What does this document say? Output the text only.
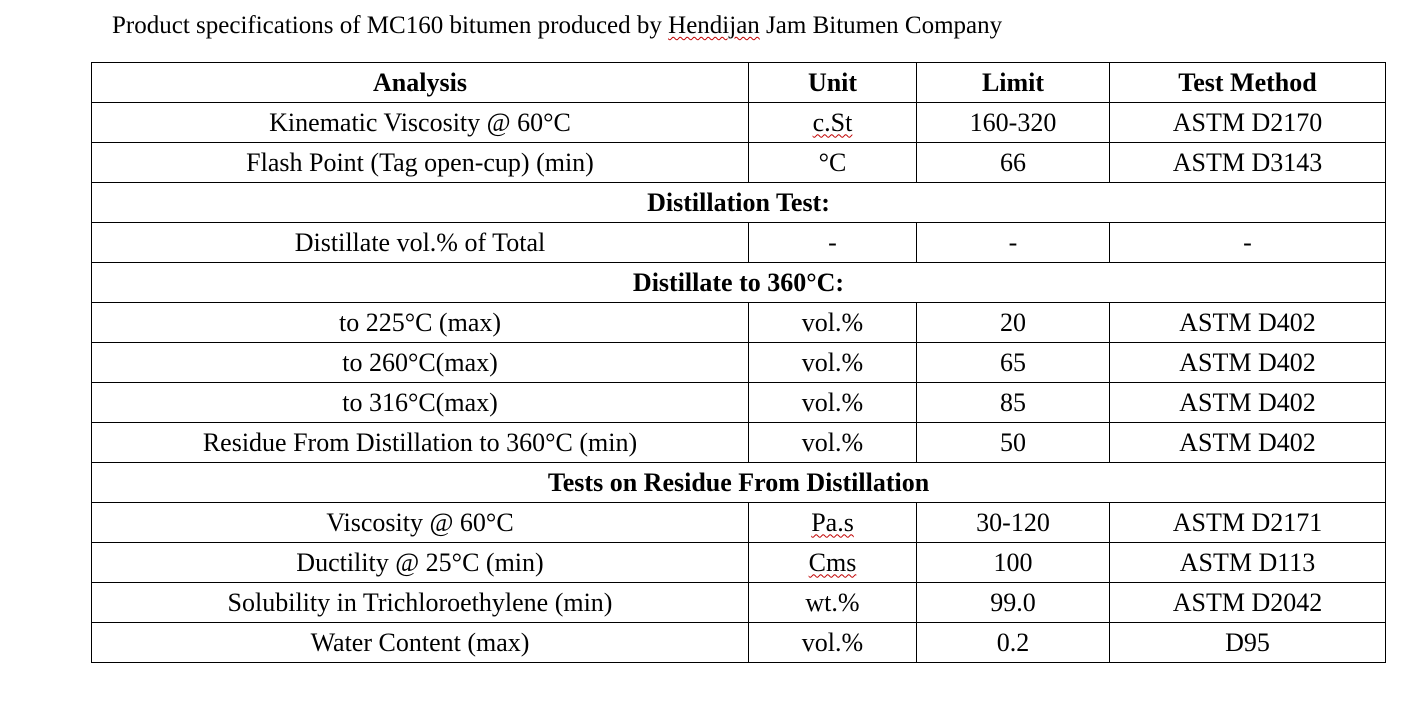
Product specifications of MC160 bitumen produced by Hendijan Jam Bitumen Company
Analysis	Unit	Limit	Test Method
Kinematic Viscosity @ 60°C	c.St	160-320	ASTM D2170
Flash Point (Tag open-cup) (min)	°C	66	ASTM D3143
Distillation Test:			
Distillate vol.% of Total	-	-	-
Distillate to 360°C:			
to 225°C (max)	vol.%	20	ASTM D402
to 260°C(max)	vol.%	65	ASTM D402
to 316°C(max)	vol.%	85	ASTM D402
Residue From Distillation to 360°C (min)	vol.%	50	ASTM D402
Tests on Residue From Distillation			
Viscosity @ 60°C	Pa.s	30-120	ASTM D2171
Ductility @ 25°C (min)	Cms	100	ASTM D113
Solubility in Trichloroethylene (min)	wt.%	99.0	ASTM D2042
Water Content (max)	vol.%	0.2	D95
